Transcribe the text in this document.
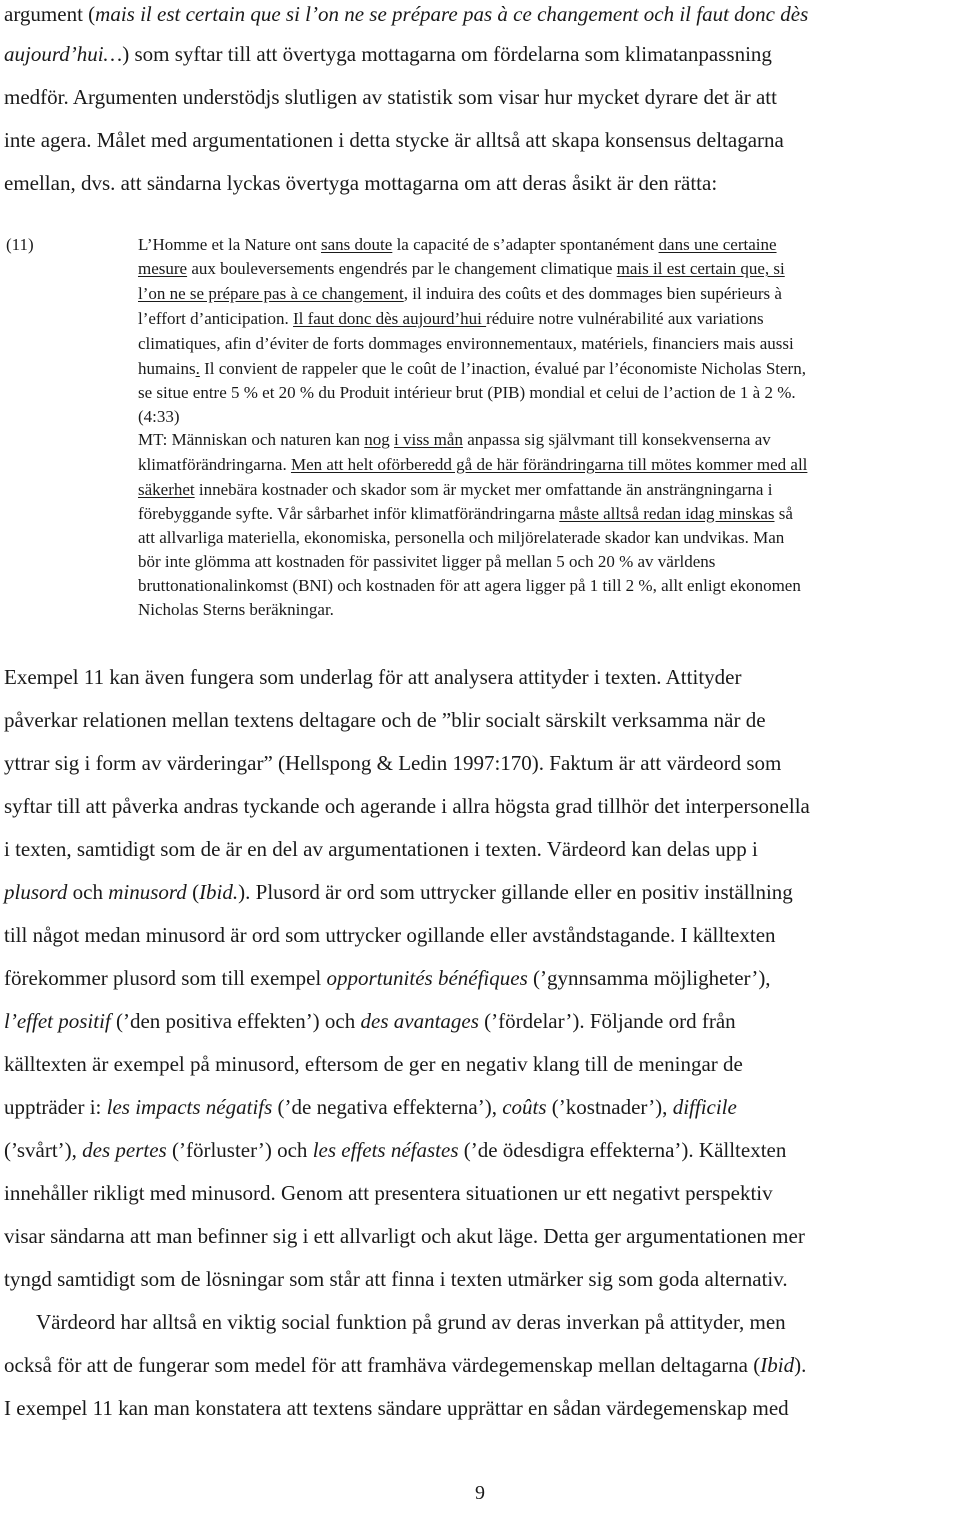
argument (mais il est certain que si l’on ne se prépare pas à ce changement och il faut donc dès
aujourd’hui…) som syftar till att övertyga mottagarna om fördelarna som klimatanpassning
medför. Argumenten understödjs slutligen av statistik som visar hur mycket dyrare det är att
inte agera. Målet med argumentationen i detta stycke är alltså att skapa konsensus deltagarna
emellan, dvs. att sändarna lyckas övertyga mottagarna om att deras åsikt är den rätta:
(11)	L’Homme et la Nature ont sans doute la capacité de s’adapter spontanément dans une certaine
mesure aux bouleversements engendrés par le changement climatique mais il est certain que, si
l’on ne se prépare pas à ce changement, il induira des coûts et des dommages bien supérieurs à
l’effort d’anticipation. Il faut donc dès aujourd’hui réduire notre vulnérabilité aux variations
climatiques, afin d’éviter de forts dommages environnementaux, matériels, financiers mais aussi
humains. Il convient de rappeler que le coût de l’inaction, évalué par l’économiste Nicholas Stern,
se situe entre 5 % et 20 % du Produit intérieur brut (PIB) mondial et celui de l’action de 1 à 2 %.
(4:33)
MT: Människan och naturen kan nog i viss mån anpassa sig självmant till konsekvenserna av
klimatförändringarna. Men att helt oförberedd gå de här förändringarna till mötes kommer med all
säkerhet innebära kostnader och skador som är mycket mer omfattande än ansträngningarna i
förebyggande syfte. Vår sårbarhet inför klimatförändringarna måste alltså redan idag minskas så
att allvarliga materiella, ekonomiska, personella och miljörelaterade skador kan undvikas. Man
bör inte glömma att kostnaden för passivitet ligger på mellan 5 och 20 % av världens
bruttonationalinkomst (BNI) och kostnaden för att agera ligger på 1 till 2 %, allt enligt ekonomen
Nicholas Sterns beräkningar.
Exempel 11 kan även fungera som underlag för att analysera attityder i texten. Attityder
påverkar relationen mellan textens deltagare och de ”blir socialt särskilt verksamma när de
yttrar sig i form av värderingar” (Hellspong & Ledin 1997:170). Faktum är att värdeord som
syftar till att påverka andras tyckande och agerande i allra högsta grad tillhör det interpersonella
i texten, samtidigt som de är en del av argumentationen i texten. Värdeord kan delas upp i
plusord och minusord (Ibid.). Plusord är ord som uttrycker gillande eller en positiv inställning
till något medan minusord är ord som uttrycker ogillande eller avståndstagande. I källtexten
förekommer plusord som till exempel opportunités bénéfiques (’gynnsamma möjligheter’),
l’effet positif (’den positiva effekten’) och des avantages (’fördelar’). Följande ord från
källtexten är exempel på minusord, eftersom de ger en negativ klang till de meningar de
uppträder i: les impacts négatifs (’de negativa effekterna’), coûts (’kostnader’), difficile
(’svårt’), des pertes (’förluster’) och les effets néfastes (’de ödesdigra effekterna’). Källtexten
innehåller rikligt med minusord. Genom att presentera situationen ur ett negativt perspektiv
visar sändarna att man befinner sig i ett allvarligt och akut läge. Detta ger argumentationen mer
tyngd samtidigt som de lösningar som står att finna i texten utmärker sig som goda alternativ.
Värdeord har alltså en viktig social funktion på grund av deras inverkan på attityder, men
också för att de fungerar som medel för att framhäva värdegemenskap mellan deltagarna (Ibid).
I exempel 11 kan man konstatera att textens sändare upprättar en sådan värdegemenskap med
9
